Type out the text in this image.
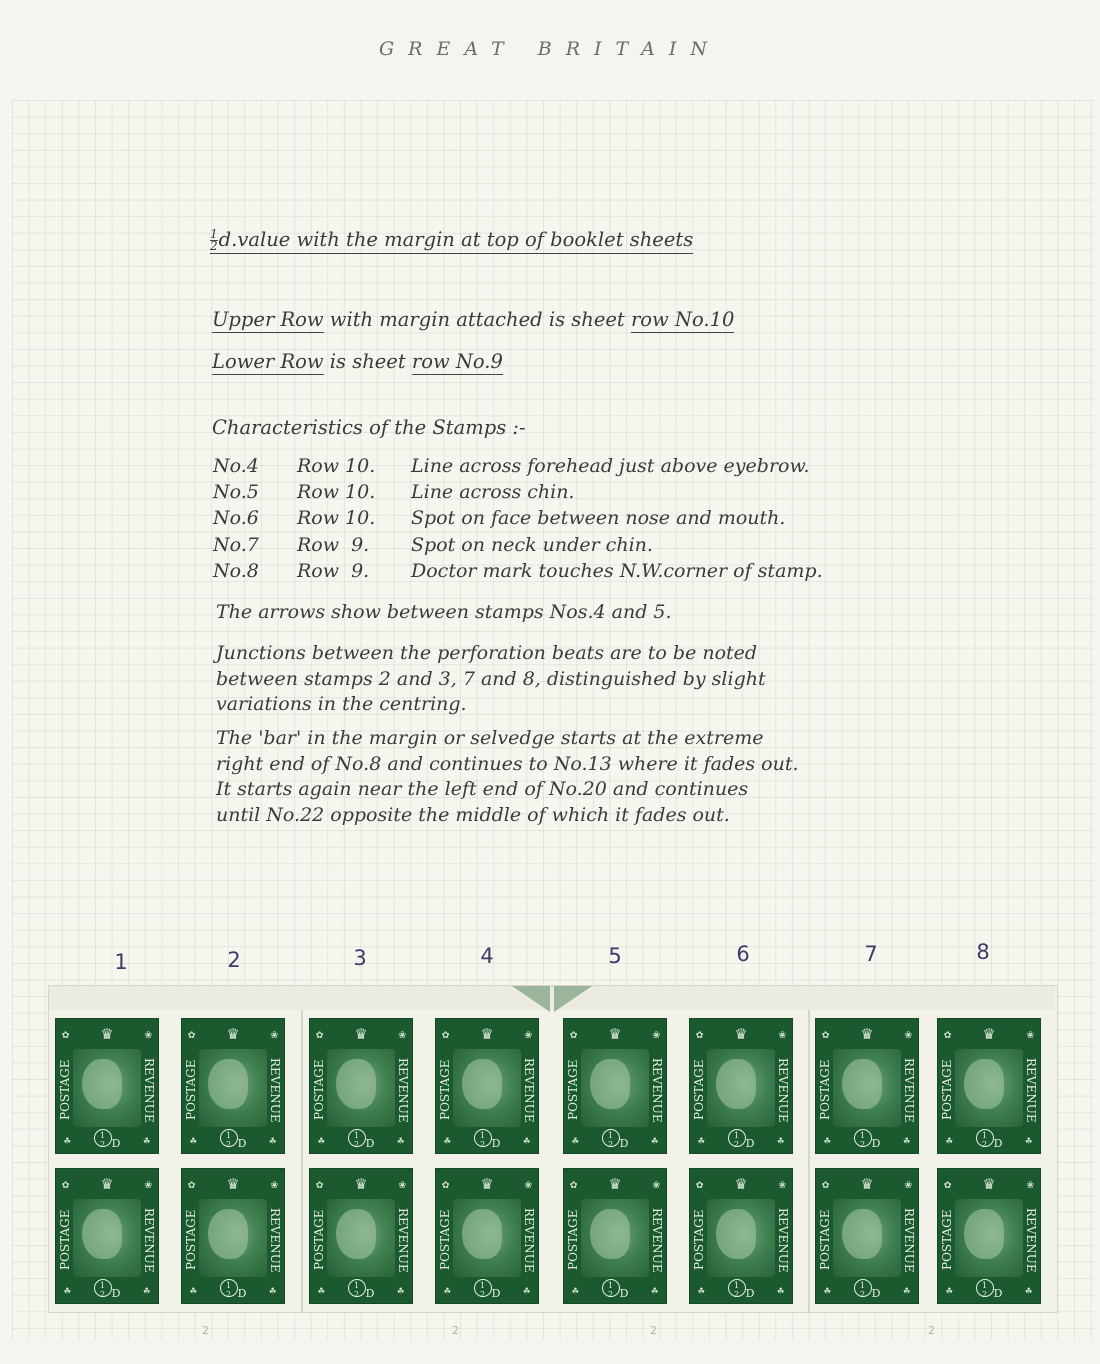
GREAT BRITAIN
$\frac{1}{2}$ d.value with the margin at top of booklet sheets
Upper Row with margin attached is sheet row No.10
Lower Row is sheet row No.9
Characteristics of the Stamps :-
No.4 Row 10. Line across forehead just above eyebrow.
No.5 Row 10. Line across chin.
No.6 Row 10. Spot on face between nose and mouth.
No.7 Row  9. Spot on neck under chin.
No.8 Row  9. Doctor mark touches N.W.corner of stamp.
The arrows show between stamps Nos.4 and 5.
Junctions between the perforation beats are to be noted
between stamps 2 and 3, 7 and 8, distinguished by slight
variations in the centring.
The 'bar' in the margin or selvedge starts at the extreme
right end of No.8 and continues to No.13 where it fades out.
It starts again near the left end of No.20 and continues
until No.22 opposite the middle of which it fades out.
1	2	3	4	5	6	7	8
♛
✿	❀
POSTAGE	REVENUE
☘	☘
1
2 D
♛
✿	❀
POSTAGE	REVENUE
☘	☘
1
2 D
♛
✿	❀
POSTAGE	REVENUE
☘	☘
1
2 D
♛
✿	❀
POSTAGE	REVENUE
☘	☘
1
2 D
♛
✿	❀
POSTAGE	REVENUE
☘	☘
1
2 D
♛
✿	❀
POSTAGE	REVENUE
☘	☘
1
2 D
♛
✿	❀
POSTAGE	REVENUE
☘	☘
1
2 D
♛
✿	❀
POSTAGE	REVENUE
☘	☘
1
2 D
♛
✿	❀
POSTAGE	REVENUE
☘	☘
1
2 D
♛
✿	❀
POSTAGE	REVENUE
☘	☘
1
2 D
♛
✿	❀
POSTAGE	REVENUE
☘	☘
1
2 D
♛
✿	❀
POSTAGE	REVENUE
☘	☘
1
2 D
♛
✿	❀
POSTAGE	REVENUE
☘	☘
1
2 D
♛
✿	❀
POSTAGE	REVENUE
☘	☘
1
2 D
♛
✿	❀
POSTAGE	REVENUE
☘	☘
1
2 D
♛
✿	❀
POSTAGE	REVENUE
☘	☘
1
2 D
2	2	2	2
